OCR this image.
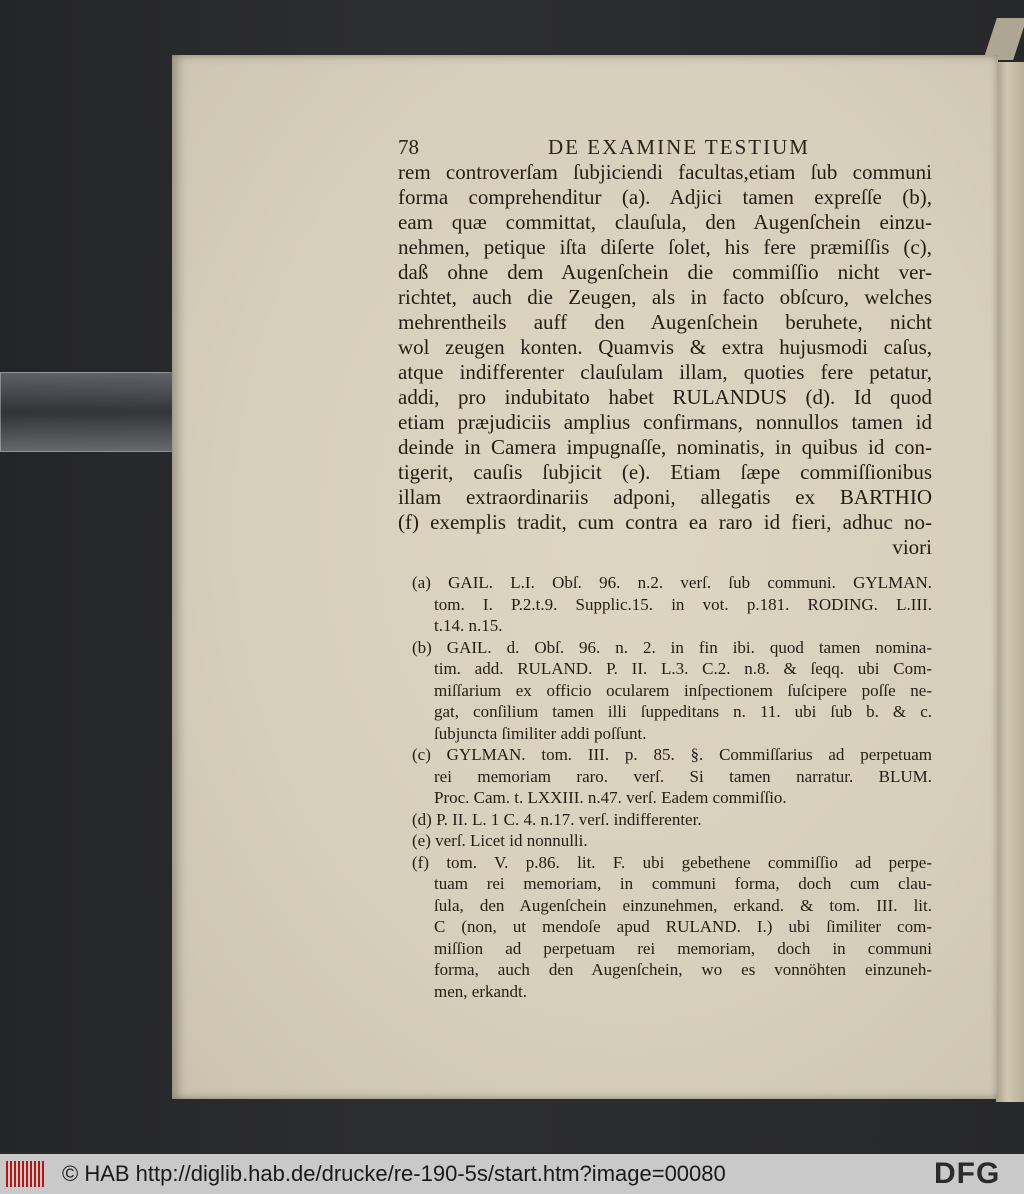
78	DE EXAMINE TESTIUM
rem controverſam ſubjiciendi facultas,etiam ſub communi
forma comprehenditur (a). Adjici tamen expreſſe (b),
eam quæ committat, clauſula, den Augenſchein einzu-
nehmen, petique iſta diſerte ſolet, his fere præmiſſis (c),
daß ohne dem Augenſchein die commiſſio nicht ver-
richtet, auch die Zeugen, als in facto obſcuro, welches
mehrentheils auff den Augenſchein beruhete, nicht
wol zeugen konten. Quamvis & extra hujusmodi caſus,
atque indifferenter clauſulam illam, quoties fere petatur,
addi, pro indubitato habet RULANDUS (d). Id quod
etiam præjudiciis amplius confirmans, nonnullos tamen id
deinde in Camera impugnaſſe, nominatis, in quibus id con-
tigerit, cauſis ſubjicit (e). Etiam ſæpe commiſſionibus
illam extraordinariis adponi, allegatis ex BARTHIO
(f) exemplis tradit, cum contra ea raro id fieri, adhuc no-
viori
(a) GAIL. L.I. Obſ. 96. n.2. verſ. ſub communi. GYLMAN.
tom. I. P.2.t.9. Supplic.15. in vot. p.181. RODING. L.III.
t.14. n.15.
(b) GAIL. d. Obſ. 96. n. 2. in fin ibi. quod tamen nomina-
tim. add. RULAND. P. II. L.3. C.2. n.8. & ſeqq. ubi Com-
miſſarium ex officio ocularem inſpectionem ſuſcipere poſſe ne-
gat, conſilium tamen illi ſuppeditans n. 11. ubi ſub b. & c.
ſubjuncta ſimiliter addi poſſunt.
(c) GYLMAN. tom. III. p. 85. §. Commiſſarius ad perpetuam
rei memoriam raro. verſ. Si tamen narratur. BLUM.
Proc. Cam. t. LXXIII. n.47. verſ. Eadem commiſſio.
(d) P. II. L. 1 C. 4. n.17. verſ. indifferenter.
(e) verſ. Licet id nonnulli.
(f) tom. V. p.86. lit. F. ubi gebethene commiſſio ad perpe-
tuam rei memoriam, in communi forma, doch cum clau-
ſula, den Augenſchein einzunehmen, erkand. & tom. III. lit.
C (non, ut mendoſe apud RULAND. I.) ubi ſimiliter com-
miſſion ad perpetuam rei memoriam, doch in communi
forma, auch den Augenſchein, wo es vonnöhten einzuneh-
men, erkandt.
© HAB http://diglib.hab.de/drucke/re-190-5s/start.htm?image=00080	DFG
